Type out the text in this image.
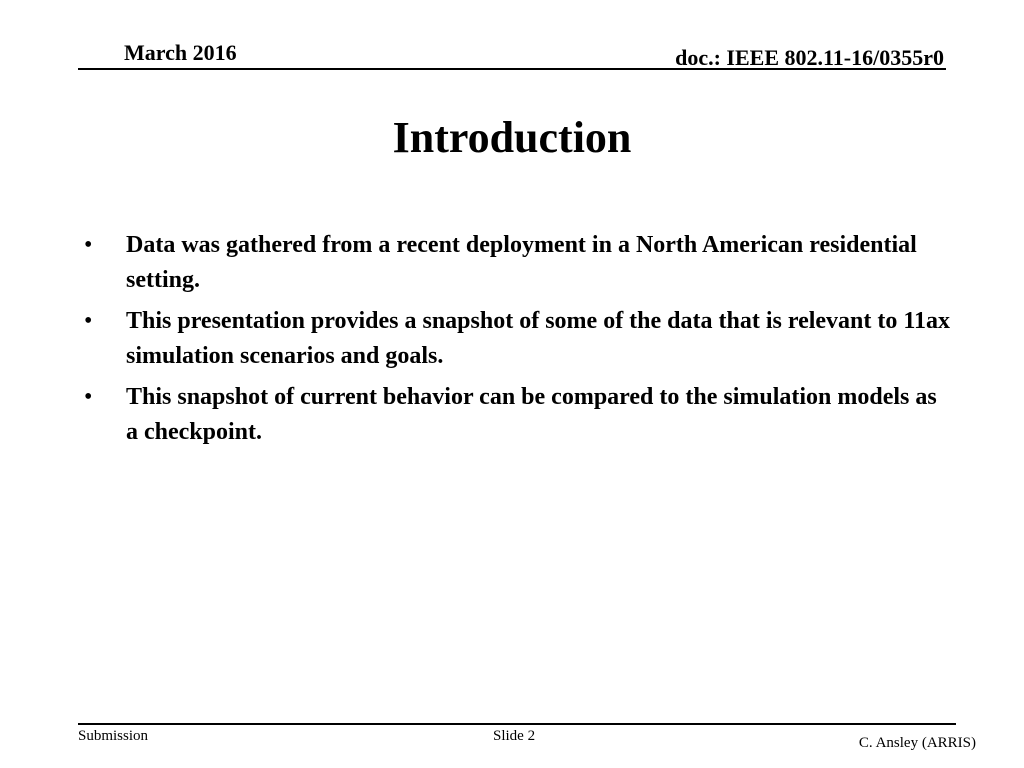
March 2016	doc.: IEEE 802.11-16/0355r0
Introduction
• Data was gathered from a recent deployment in a North American residential setting.
• This presentation provides a snapshot of some of the data that is relevant to 11ax simulation scenarios and goals.
• This snapshot of current behavior can be compared to the simulation models as a checkpoint.
Submission	Slide 2	C. Ansley (ARRIS)
